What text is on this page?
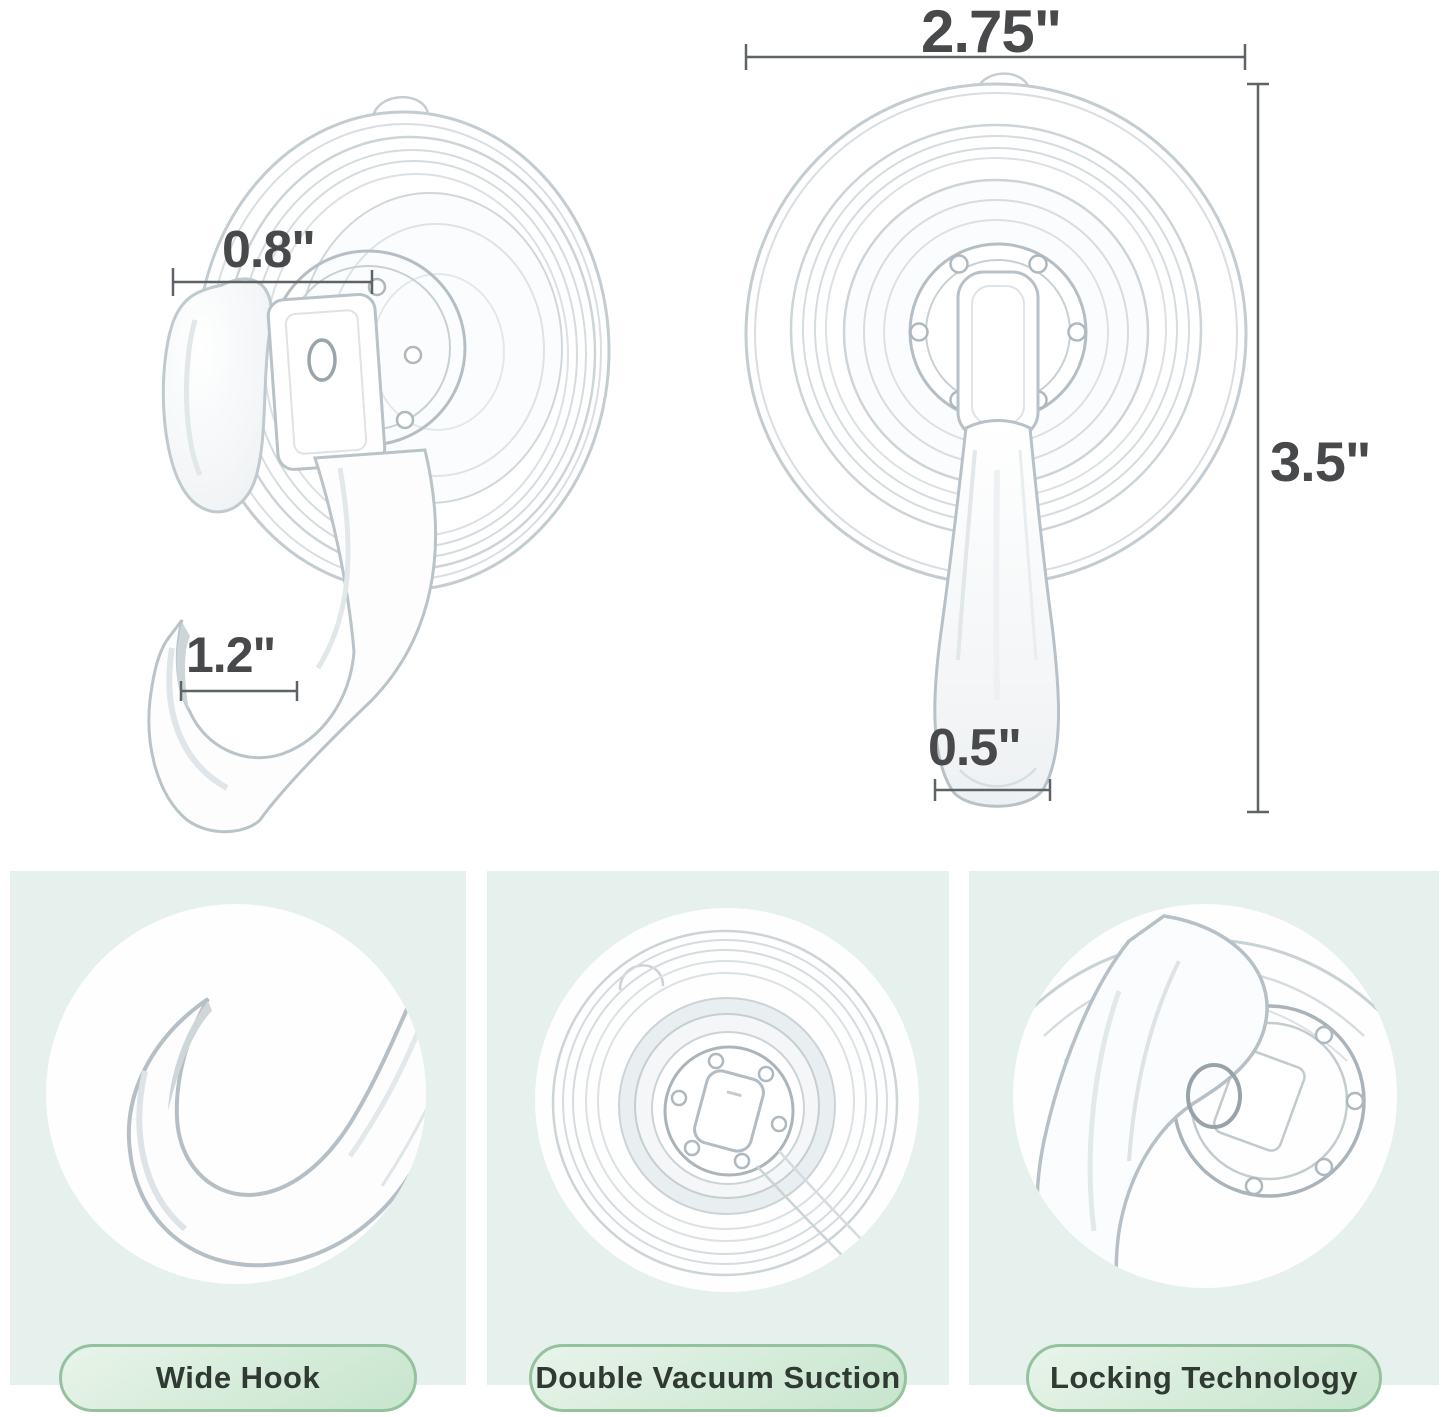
0.8"
1.2"
2.75"
3.5"
0.5"
Wide Hook	Double Vacuum Suction	Locking Technology
